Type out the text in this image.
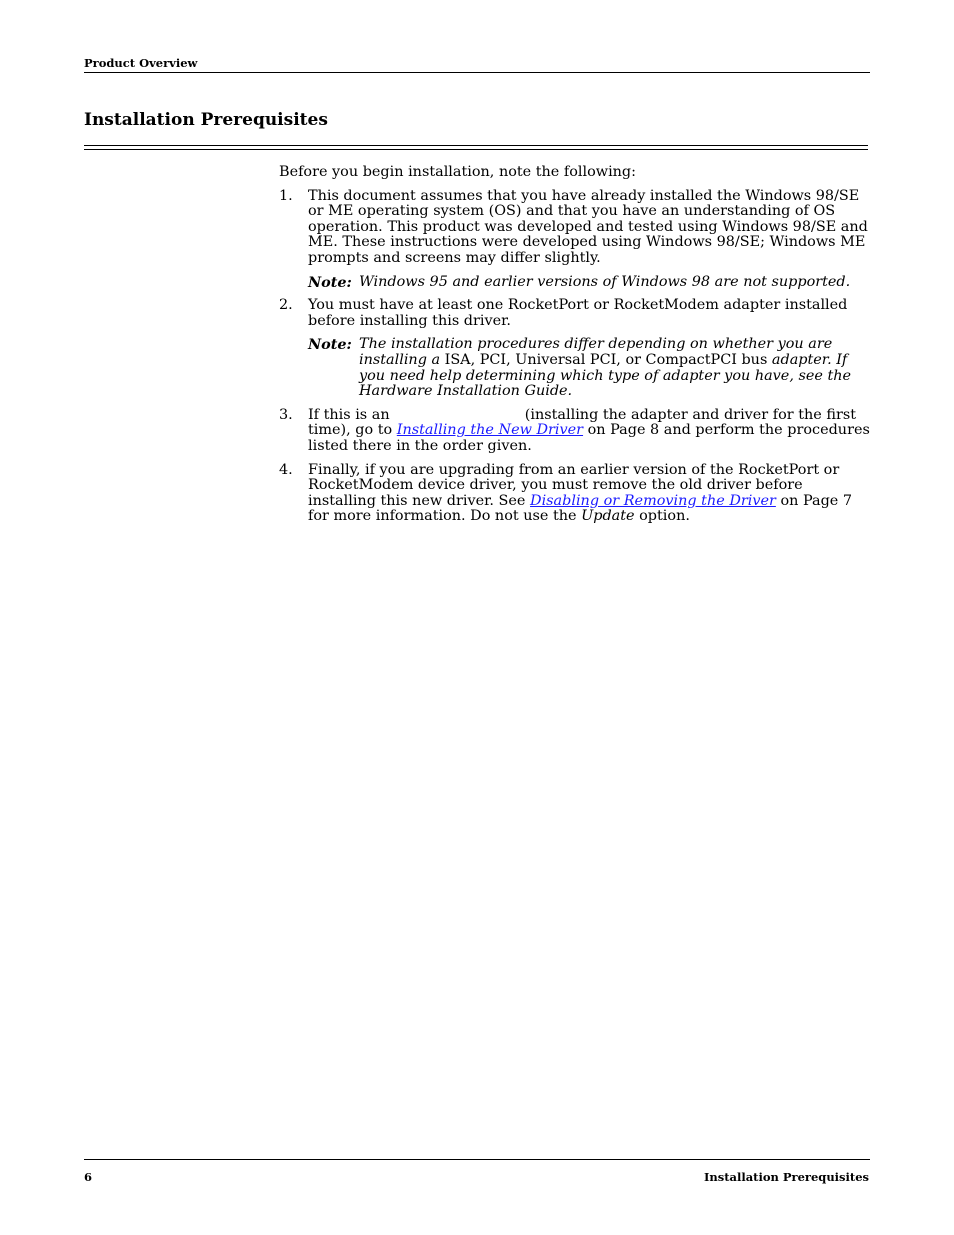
Product Overview
Installation Prerequisites

Before you begin installation, note the following:

1. This document assumes that you have already installed the Windows 98/SE or ME operating system (OS) and that you have an understanding of OS operation. This product was developed and tested using Windows 98/SE and ME. These instructions were developed using Windows 98/SE; Windows ME prompts and screens may differ slightly.

Note: Windows 95 and earlier versions of Windows 98 are not supported.
2. You must have at least one RocketPort or RocketModem adapter installed before installing this driver.

Note: The installation procedures differ depending on whether you are installing a ISA, PCI, Universal PCI, or CompactPCI bus adapter. If you need help determining which type of adapter you have, see the Hardware Installation Guide.
3. If this is an	(installing the adapter and driver for the first time), go to Installing the New Driver on Page 8 and perform the procedures listed there in the order given.

4. Finally, if you are upgrading from an earlier version of the RocketPort or RocketModem device driver, you must remove the old driver before installing this new driver. See Disabling or Removing the Driver on Page 7 for more information. Do not use the Update option.

6	Installation Prerequisites
